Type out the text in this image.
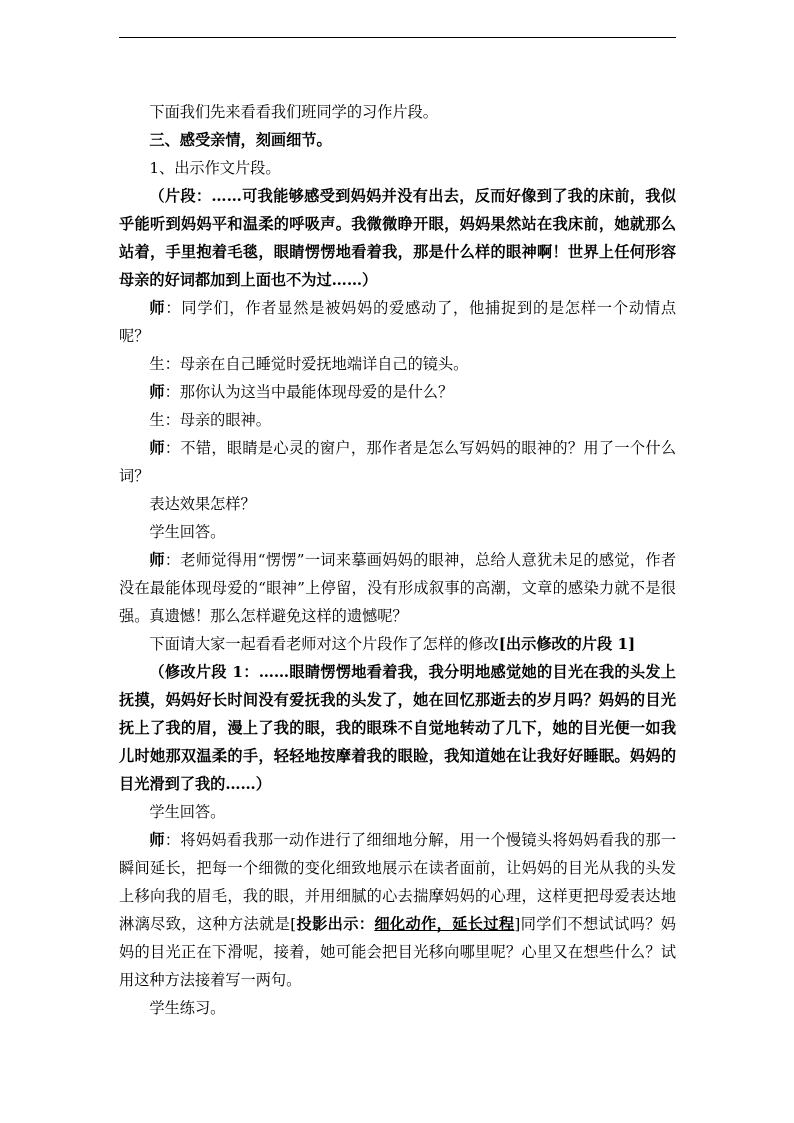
下面我们先来看看我们班同学的习作片段。

三、感受亲情，刻画细节。

1、出示作文片段。

（片段：……可我能够感受到妈妈并没有出去，反而好像到了我的床前，我似乎能听到妈妈平和温柔的呼吸声。我微微睁开眼，妈妈果然站在我床前，她就那么站着，手里抱着毛毯，眼睛愣愣地看着我，那是什么样的眼神啊！世界上任何形容母亲的好词都加到上面也不为过……）

师：同学们，作者显然是被妈妈的爱感动了，他捕捉到的是怎样一个动情点呢？

生：母亲在自己睡觉时爱抚地端详自己的镜头。

师：那你认为这当中最能体现母爱的是什么？

生：母亲的眼神。

师：不错，眼睛是心灵的窗户，那作者是怎么写妈妈的眼神的？用了一个什么词？

表达效果怎样？

学生回答。

师：老师觉得用“愣愣”一词来摹画妈妈的眼神，总给人意犹未足的感觉，作者没在最能体现母爱的“眼神”上停留，没有形成叙事的高潮，文章的感染力就不是很强。真遗憾！那么怎样避免这样的遗憾呢？

下面请大家一起看看老师对这个片段作了怎样的修改[出示修改的片段 1]

（修改片段 1：……眼睛愣愣地看着我，我分明地感觉她的目光在我的头发上抚摸，妈妈好长时间没有爱抚我的头发了，她在回忆那逝去的岁月吗？妈妈的目光抚上了我的眉，漫上了我的眼，我的眼珠不自觉地转动了几下，她的目光便一如我儿时她那双温柔的手，轻轻地按摩着我的眼睑，我知道她在让我好好睡眠。妈妈的目光滑到了我的……）

学生回答。

师：将妈妈看我那一动作进行了细细地分解，用一个慢镜头将妈妈看我的那一瞬间延长，把每一个细微的变化细致地展示在读者面前，让妈妈的目光从我的头发上移向我的眉毛，我的眼，并用细腻的心去揣摩妈妈的心理，这样更把母爱表达地淋漓尽致，这种方法就是[投影出示：细化动作，延长过程]同学们不想试试吗？妈妈的目光正在下滑呢，接着，她可能会把目光移向哪里呢？心里又在想些什么？试用这种方法接着写一两句。

学生练习。
